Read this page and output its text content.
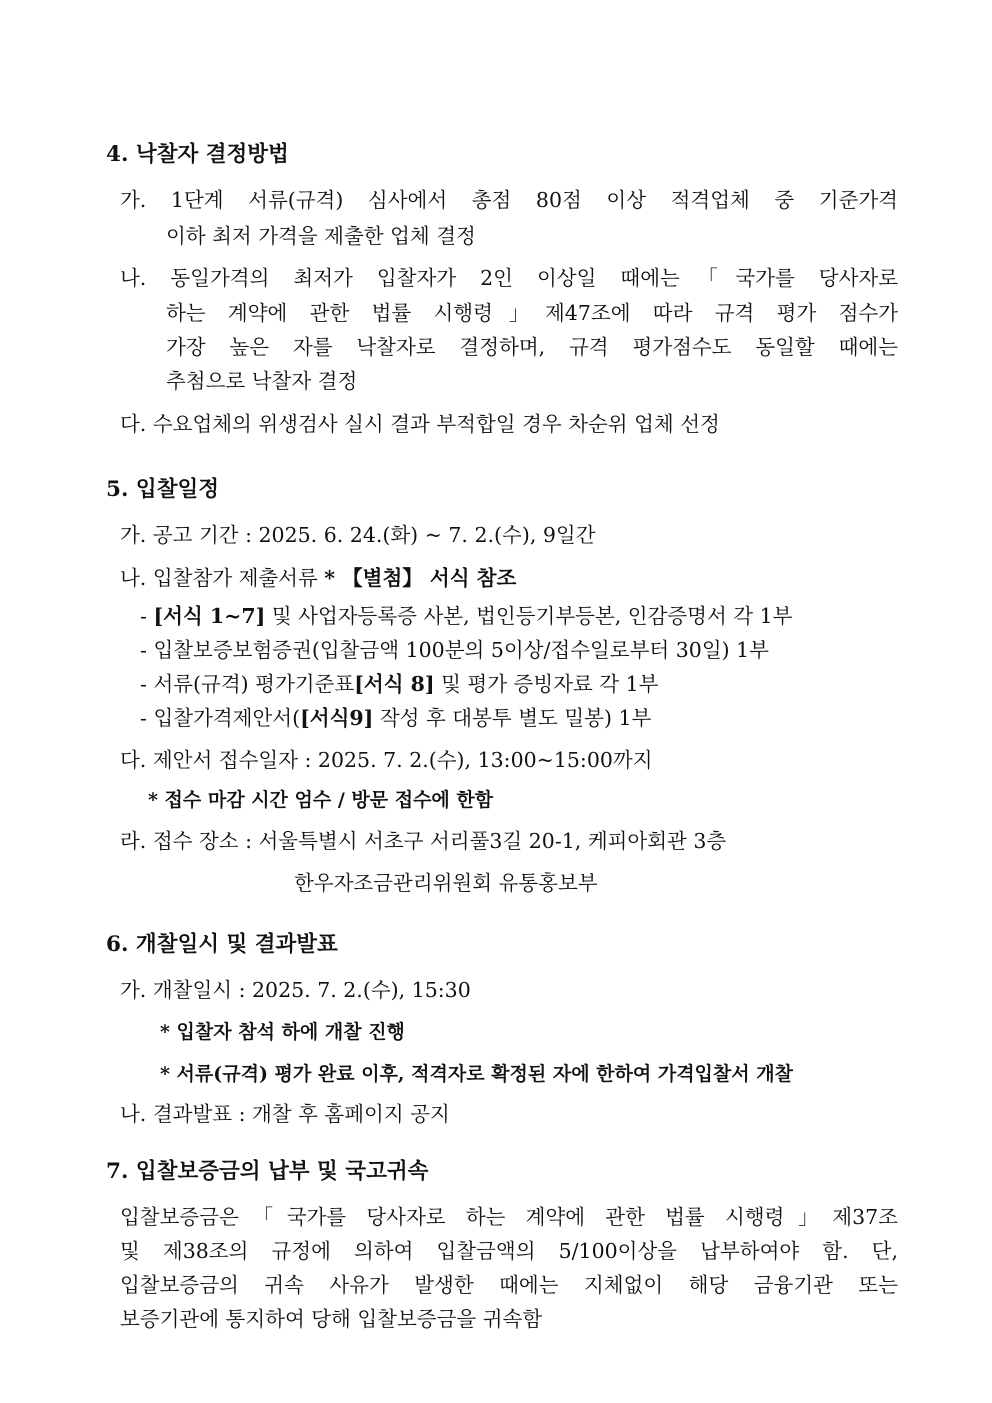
4. 낙찰자 결정방법
가. 1단계 서류(규격) 심사에서 총점 80점 이상 적격업체 중 기준가격
이하 최저 가격을 제출한 업체 결정
나. 동일가격의 최저가 입찰자가 2인 이상일 때에는「국가를 당사자로
하는 계약에 관한 법률 시행령」제47조에 따라 규격 평가 점수가
가장 높은 자를 낙찰자로 결정하며, 규격 평가점수도 동일할 때에는
추첨으로 낙찰자 결정
다. 수요업체의 위생검사 실시 결과 부적합일 경우 차순위 업체 선정
5. 입찰일정
가. 공고 기간 : 2025. 6. 24.(화) ~ 7. 2.(수), 9일간
나. 입찰참가 제출서류 * 【별첨】 서식 참조
- [서식 1~7] 및 사업자등록증 사본, 법인등기부등본, 인감증명서 각 1부
- 입찰보증보험증권(입찰금액 100분의 5이상/접수일로부터 30일) 1부
- 서류(규격) 평가기준표[서식 8] 및 평가 증빙자료 각 1부
- 입찰가격제안서([서식9] 작성 후 대봉투 별도 밀봉) 1부
다. 제안서 접수일자 : 2025. 7. 2.(수), 13:00~15:00까지
* 접수 마감 시간 엄수 / 방문 접수에 한함
라. 접수 장소 : 서울특별시 서초구 서리풀3길 20-1, 케피아회관 3층
한우자조금관리위원회 유통홍보부
6. 개찰일시 및 결과발표
가. 개찰일시 : 2025. 7. 2.(수), 15:30
* 입찰자 참석 하에 개찰 진행
* 서류(규격) 평가 완료 이후, 적격자로 확정된 자에 한하여 가격입찰서 개찰
나. 결과발표 : 개찰 후 홈페이지 공지
7. 입찰보증금의 납부 및 국고귀속
입찰보증금은「국가를 당사자로 하는 계약에 관한 법률 시행령」제37조
및 제38조의 규정에 의하여 입찰금액의 5/100이상을 납부하여야 함. 단,
입찰보증금의 귀속 사유가 발생한 때에는 지체없이 해당 금융기관 또는
보증기관에 통지하여 당해 입찰보증금을 귀속함
